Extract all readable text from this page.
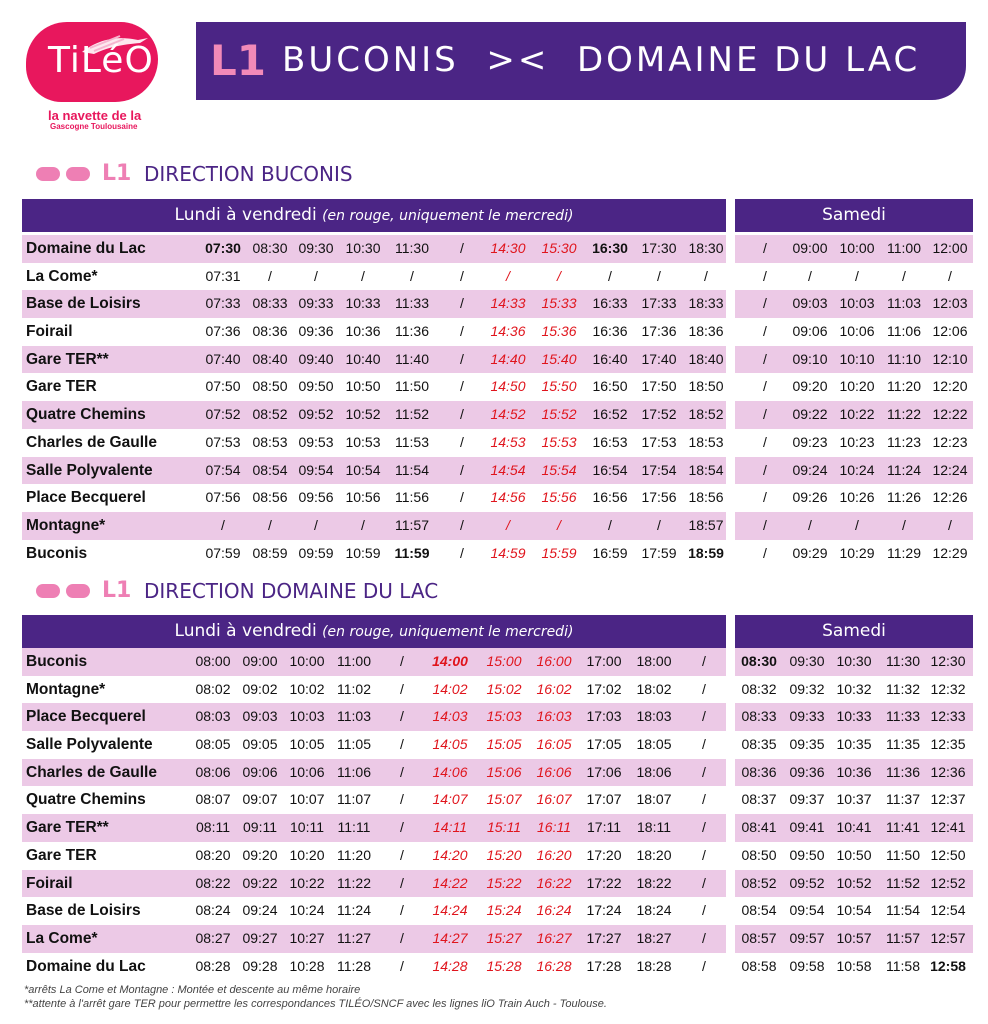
TiLéO
la navette de la
Gascogne Toulousaine
L1 BUCONIS  ><  DOMAINE DU LAC
L1 DIRECTION BUCONIS
Lundi à vendredi (en rouge, uniquement le mercredi)	Samedi
Domaine du Lac	07:30 08:30 09:30 10:30	11:30	/	14:30	15:30	16:30 17:30 18:30	/	09:00 10:00 11:00 12:00
La Come*	07:31	/	/	/	/	/	/	/	/	/	/	/	/	/	/	/
Base de Loisirs	07:33 08:33 09:33 10:33	11:33	/	14:33	15:33	16:33 17:33 18:33	/	09:03 10:03 11:03 12:03
Foirail	07:36 08:36 09:36 10:36	11:36	/	14:36	15:36	16:36 17:36 18:36	/	09:06 10:06 11:06 12:06
Gare TER**	07:40 08:40 09:40 10:40	11:40	/	14:40	15:40	16:40 17:40 18:40	/	09:10 10:10 11:10 12:10
Gare TER	07:50 08:50 09:50 10:50	11:50	/	14:50	15:50	16:50 17:50 18:50	/	09:20 10:20 11:20 12:20
Quatre Chemins	07:52 08:52 09:52 10:52	11:52	/	14:52	15:52	16:52 17:52 18:52	/	09:22 10:22 11:22 12:22
Charles de Gaulle	07:53 08:53 09:53 10:53	11:53	/	14:53	15:53	16:53 17:53 18:53	/	09:23 10:23 11:23 12:23
Salle Polyvalente	07:54 08:54 09:54 10:54	11:54	/	14:54	15:54	16:54 17:54 18:54	/	09:24 10:24 11:24 12:24
Place Becquerel	07:56 08:56 09:56 10:56	11:56	/	14:56	15:56	16:56 17:56 18:56	/	09:26 10:26 11:26 12:26
Montagne*	/	/	/	/	11:57	/	/	/	/	/	18:57	/	/	/	/	/
Buconis	07:59 08:59 09:59 10:59 11:59	/	14:59	15:59	16:59 17:59 18:59	/	09:29 10:29 11:29 12:29
L1 DIRECTION DOMAINE DU LAC
Lundi à vendredi (en rouge, uniquement le mercredi)	Samedi
Buconis	08:00 09:00 10:00 11:00	/	14:00	15:00	16:00	17:00	18:00	/	08:30 09:30 10:30	11:30 12:30
Montagne*	08:02 09:02 10:02 11:02	/	14:02	15:02	16:02	17:02	18:02	/	08:32 09:32 10:32	11:32 12:32
Place Becquerel	08:03 09:03 10:03 11:03	/	14:03	15:03	16:03	17:03	18:03	/	08:33 09:33 10:33	11:33 12:33
Salle Polyvalente	08:05 09:05 10:05 11:05	/	14:05	15:05	16:05	17:05	18:05	/	08:35 09:35 10:35	11:35 12:35
Charles de Gaulle	08:06 09:06 10:06 11:06	/	14:06	15:06	16:06	17:06	18:06	/	08:36 09:36 10:36	11:36 12:36
Quatre Chemins	08:07 09:07 10:07 11:07	/	14:07	15:07	16:07	17:07	18:07	/	08:37 09:37 10:37	11:37 12:37
Gare TER**	08:11 09:11 10:11 11:11	/	14:11	15:11	16:11	17:11	18:11	/	08:41 09:41 10:41	11:41 12:41
Gare TER	08:20 09:20 10:20 11:20	/	14:20	15:20	16:20	17:20	18:20	/	08:50 09:50 10:50	11:50 12:50
Foirail	08:22 09:22 10:22 11:22	/	14:22	15:22	16:22	17:22	18:22	/	08:52 09:52 10:52	11:52 12:52
Base de Loisirs	08:24 09:24 10:24 11:24	/	14:24	15:24	16:24	17:24	18:24	/	08:54 09:54 10:54	11:54 12:54
La Come*	08:27 09:27 10:27 11:27	/	14:27	15:27	16:27	17:27	18:27	/	08:57 09:57 10:57	11:57 12:57
Domaine du Lac	08:28 09:28 10:28 11:28	/	14:28	15:28	16:28	17:28	18:28	/	08:58 09:58 10:58	11:58 12:58
*arrêts La Come et Montagne : Montée et descente au même horaire
**attente à l'arrêt gare TER pour permettre les correspondances TILÉO/SNCF avec les lignes liO Train Auch - Toulouse.
